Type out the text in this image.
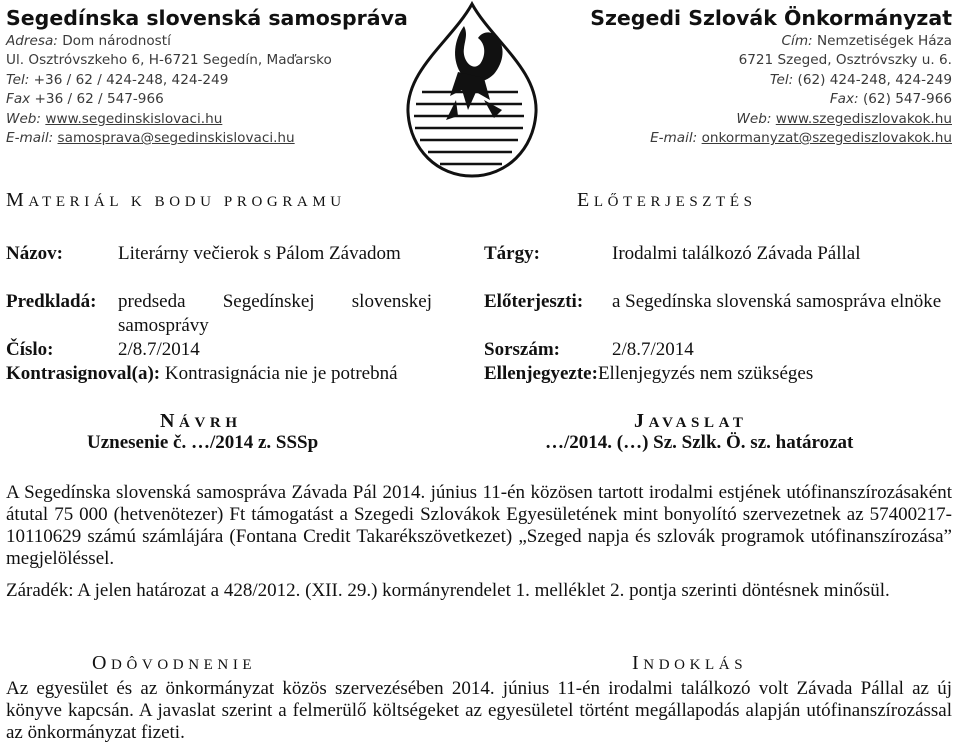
Segedínska slovenská samospráva
Adresa: Dom národností
Ul. Osztróvszkeho 6, H-6721 Segedín, Maďarsko
Tel: +36 / 62 / 424-248, 424-249
Fax +36 / 62 / 547-966
Web: www.segedinskislovaci.hu
E-mail: samosprava@segedinskislovaci.hu
Szegedi Szlovák Önkormányzat
Cím: Nemzetiségek Háza
6721 Szeged, Osztróvszky u. 6.
Tel: (62) 424-248, 424-249
Fax: (62) 547-966
Web: www.szegediszlovakok.hu
E-mail: onkormanyzat@szegediszlovakok.hu
MATERIÁL K BODU PROGRAMU	ELŐTERJESZTÉS
Názov:	Literárny večierok s Pálom Závadom
Predkladá: predseda Segedínskej slovenskej samosprávy
Číslo:	2/8.7/2014
Kontrasignoval(a): Kontrasignácia nie je potrebná
Tárgy:	Irodalmi találkozó Závada Pállal
Előterjeszti: a Segedínska slovenská samospráva elnöke
Sorszám:	2/8.7/2014
Ellenjegyezte:Ellenjegyzés nem szükséges
NÁVRH
Uznesenie č. …/2014 z. SSSp
JAVASLAT
…/2014. (…) Sz. Szlk. Ö. sz. határozat
A Segedínska slovenská samospráva Závada Pál 2014. június 11-én közösen tartott irodalmi estjének utófinanszírozásaként átutal 75 000 (hetvenötezer) Ft támogatást a Szegedi Szlovákok Egyesületének mint bonyolító szervezetnek az 57400217-10110629 számú számlájára (Fontana Credit Takarékszövetkezet) „Szeged napja és szlovák programok utófinanszírozása” megjelöléssel.
Záradék: A jelen határozat a 428/2012. (XII. 29.) kormányrendelet 1. melléklet 2. pontja szerinti döntésnek minősül.
ODÔVODNENIE	INDOKLÁS
Az egyesület és az önkormányzat közös szervezésében 2014. június 11-én irodalmi találkozó volt Závada Pállal az új könyve kapcsán. A javaslat szerint a felmerülő költségeket az egyesületel történt megállapodás alapján utófinanszírozással az önkormányzat fizeti.
